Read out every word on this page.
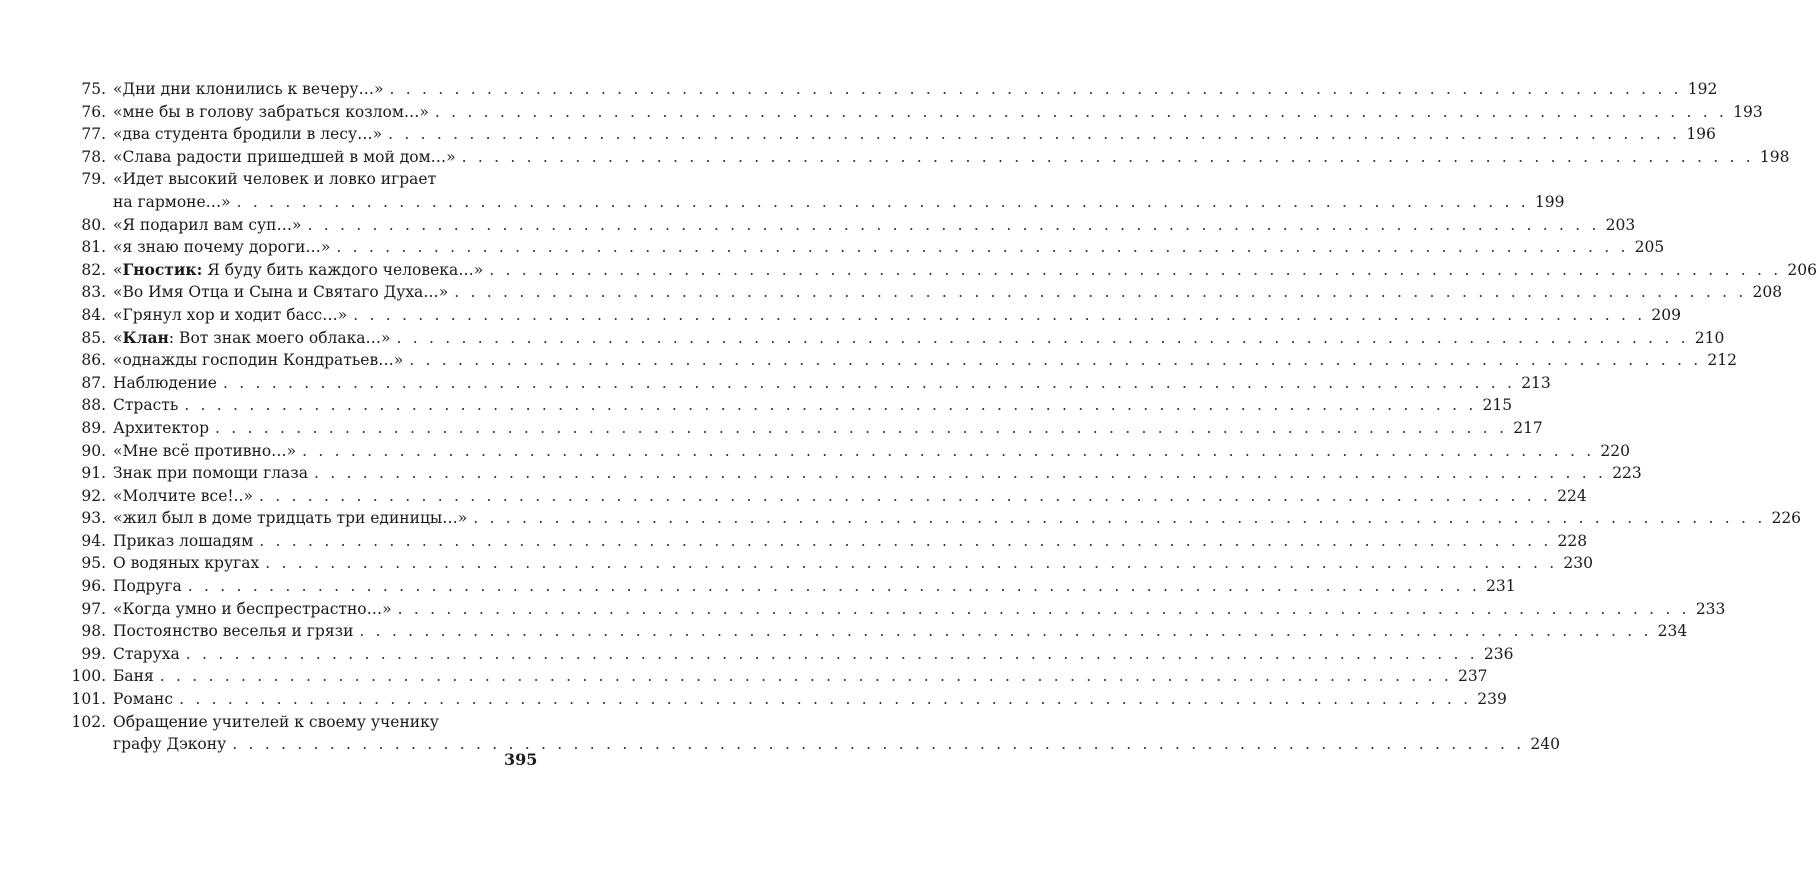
75. «Дни дни клонились к вечеру…» . . . . . . . . . . . . . . . . . . . . . . . . . . . . . . . . . . . . . . . . . . . . . . . . . . . . . . . . . . . . . . . . . . . . . . . . . . . . . . . . 192
76. «мне бы в голову забраться козлом…» . . . . . . . . . . . . . . . . . . . . . . . . . . . . . . . . . . . . . . . . . . . . . . . . . . . . . . . . . . . . . . . . . . . . . . . . . . . . . . . . 193
77. «два студента бродили в лесу…» . . . . . . . . . . . . . . . . . . . . . . . . . . . . . . . . . . . . . . . . . . . . . . . . . . . . . . . . . . . . . . . . . . . . . . . . . . . . . . . . 196
78. «Слава радости пришедшей в мой дом…» . . . . . . . . . . . . . . . . . . . . . . . . . . . . . . . . . . . . . . . . . . . . . . . . . . . . . . . . . . . . . . . . . . . . . . . . . . . . . . . . 198
79. «Идет высокий человек и ловко играет
на гармоне…» . . . . . . . . . . . . . . . . . . . . . . . . . . . . . . . . . . . . . . . . . . . . . . . . . . . . . . . . . . . . . . . . . . . . . . . . . . . . . . . . 199
80. «Я подарил вам суп…» . . . . . . . . . . . . . . . . . . . . . . . . . . . . . . . . . . . . . . . . . . . . . . . . . . . . . . . . . . . . . . . . . . . . . . . . . . . . . . . . 203
81. «я знаю почему дороги…» . . . . . . . . . . . . . . . . . . . . . . . . . . . . . . . . . . . . . . . . . . . . . . . . . . . . . . . . . . . . . . . . . . . . . . . . . . . . . . . . 205
82. «Гностик: Я буду бить каждого человека…» . . . . . . . . . . . . . . . . . . . . . . . . . . . . . . . . . . . . . . . . . . . . . . . . . . . . . . . . . . . . . . . . . . . . . . . . . . . . . . . . 206
83. «Во Имя Отца и Сына и Святаго Духа…» . . . . . . . . . . . . . . . . . . . . . . . . . . . . . . . . . . . . . . . . . . . . . . . . . . . . . . . . . . . . . . . . . . . . . . . . . . . . . . . . 208
84. «Грянул хор и ходит басс…» . . . . . . . . . . . . . . . . . . . . . . . . . . . . . . . . . . . . . . . . . . . . . . . . . . . . . . . . . . . . . . . . . . . . . . . . . . . . . . . . 209
85. «Клан: Вот знак моего облака…» . . . . . . . . . . . . . . . . . . . . . . . . . . . . . . . . . . . . . . . . . . . . . . . . . . . . . . . . . . . . . . . . . . . . . . . . . . . . . . . . 210
86. «однажды господин Кондратьев…» . . . . . . . . . . . . . . . . . . . . . . . . . . . . . . . . . . . . . . . . . . . . . . . . . . . . . . . . . . . . . . . . . . . . . . . . . . . . . . . . 212
87. Наблюдение . . . . . . . . . . . . . . . . . . . . . . . . . . . . . . . . . . . . . . . . . . . . . . . . . . . . . . . . . . . . . . . . . . . . . . . . . . . . . . . . 213
88. Страсть . . . . . . . . . . . . . . . . . . . . . . . . . . . . . . . . . . . . . . . . . . . . . . . . . . . . . . . . . . . . . . . . . . . . . . . . . . . . . . . . 215
89. Архитектор . . . . . . . . . . . . . . . . . . . . . . . . . . . . . . . . . . . . . . . . . . . . . . . . . . . . . . . . . . . . . . . . . . . . . . . . . . . . . . . . 217
90. «Мне всё противно…» . . . . . . . . . . . . . . . . . . . . . . . . . . . . . . . . . . . . . . . . . . . . . . . . . . . . . . . . . . . . . . . . . . . . . . . . . . . . . . . . 220
91. Знак при помощи глаза . . . . . . . . . . . . . . . . . . . . . . . . . . . . . . . . . . . . . . . . . . . . . . . . . . . . . . . . . . . . . . . . . . . . . . . . . . . . . . . . 223
92. «Молчите все!..» . . . . . . . . . . . . . . . . . . . . . . . . . . . . . . . . . . . . . . . . . . . . . . . . . . . . . . . . . . . . . . . . . . . . . . . . . . . . . . . . 224
93. «жил был в доме тридцать три единицы…» . . . . . . . . . . . . . . . . . . . . . . . . . . . . . . . . . . . . . . . . . . . . . . . . . . . . . . . . . . . . . . . . . . . . . . . . . . . . . . . . 226
94. Приказ лошадям . . . . . . . . . . . . . . . . . . . . . . . . . . . . . . . . . . . . . . . . . . . . . . . . . . . . . . . . . . . . . . . . . . . . . . . . . . . . . . . . 228
95. О водяных кругах . . . . . . . . . . . . . . . . . . . . . . . . . . . . . . . . . . . . . . . . . . . . . . . . . . . . . . . . . . . . . . . . . . . . . . . . . . . . . . . . 230
96. Подруга . . . . . . . . . . . . . . . . . . . . . . . . . . . . . . . . . . . . . . . . . . . . . . . . . . . . . . . . . . . . . . . . . . . . . . . . . . . . . . . . 231
97. «Когда умно и беспрестрастно…» . . . . . . . . . . . . . . . . . . . . . . . . . . . . . . . . . . . . . . . . . . . . . . . . . . . . . . . . . . . . . . . . . . . . . . . . . . . . . . . . 233
98. Постоянство веселья и грязи . . . . . . . . . . . . . . . . . . . . . . . . . . . . . . . . . . . . . . . . . . . . . . . . . . . . . . . . . . . . . . . . . . . . . . . . . . . . . . . . 234
99. Старуха . . . . . . . . . . . . . . . . . . . . . . . . . . . . . . . . . . . . . . . . . . . . . . . . . . . . . . . . . . . . . . . . . . . . . . . . . . . . . . . . 236
100. Баня . . . . . . . . . . . . . . . . . . . . . . . . . . . . . . . . . . . . . . . . . . . . . . . . . . . . . . . . . . . . . . . . . . . . . . . . . . . . . . . . 237
101. Романс . . . . . . . . . . . . . . . . . . . . . . . . . . . . . . . . . . . . . . . . . . . . . . . . . . . . . . . . . . . . . . . . . . . . . . . . . . . . . . . . 239
102. Обращение учителей к своему ученику
графу Дэкону . . . . . . . . . . . . . . . . . . . . . . . . . . . . . . . . . . . . . . . . . . . . . . . . . . . . . . . . . . . . . . . . . . . . . . . . . . . . . . . . 240
395
